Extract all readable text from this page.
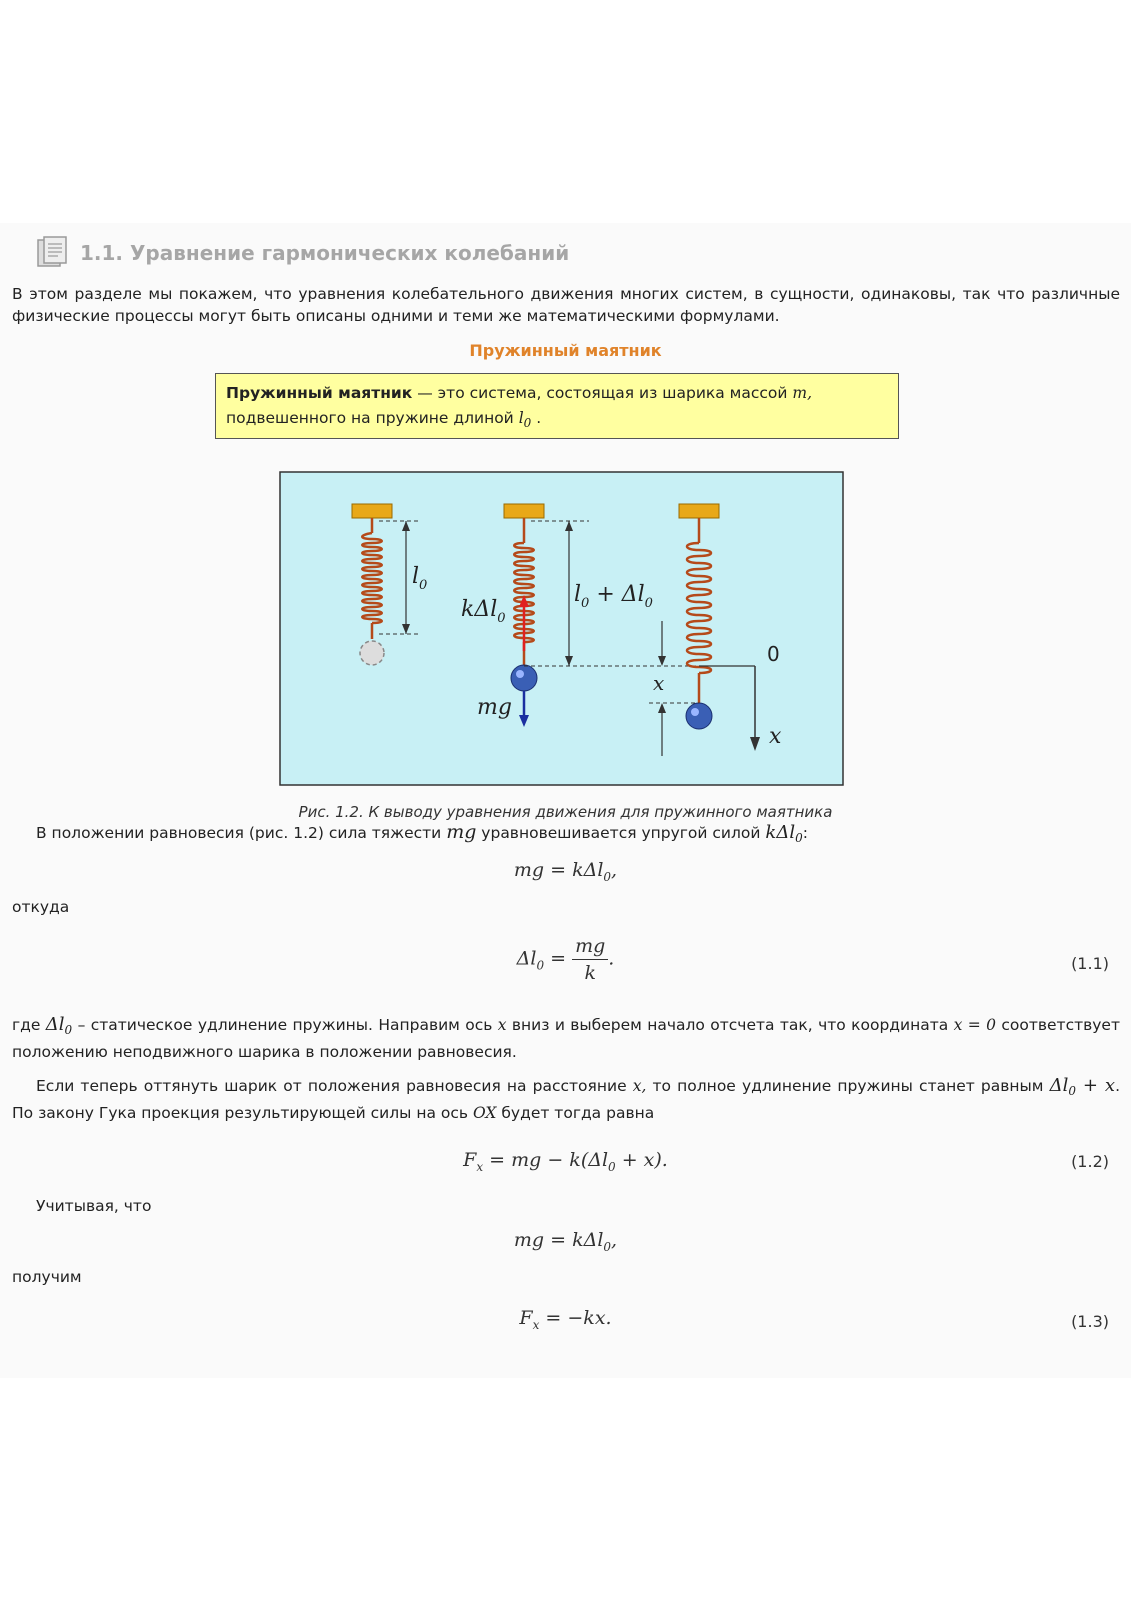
1.1. Уравнение гармонических колебаний
В этом разделе мы покажем, что уравнения колебательного движения многих систем, в сущности, одинаковы, так что различные физические процессы могут быть описаны одними и теми же математическими формулами.
Пружинный маятник
Пружинный маятник — это система, состоящая из шарика массой m,
подвешенного на пружине длиной $l_0$ .
$l_0$
kΔl$_0$
mg
$l_0 + \Delta l_0$
x
0
x
Рис. 1.2. К выводу уравнения движения для пружинного маятника
В положении равновесия (рис. 1.2) сила тяжести mg уравновешивается упругой силой kΔl$_0$:
mg = kΔl$_0$,
откуда
$\Delta l_0 = \frac{mg}{k}$ .	(1.1)
где $\Delta l_0$ – статическое удлинение пружины. Направим ось x вниз и выберем начало отсчета так, что координата x = 0 соответствует положению неподвижного шарика в положении равновесия.
Если теперь оттянуть шарик от положения равновесия на расстояние x, то полное удлинение пружины станет равным $\Delta l_0 + x$. По закону Гука проекция результирующей силы на ось OX будет тогда равна
$F_x$ = mg − $k(\Delta l_0 + x)$.	(1.2)
Учитывая, что
mg = kΔl$_0$,
получим
$F_x = -kx$.	(1.3)
